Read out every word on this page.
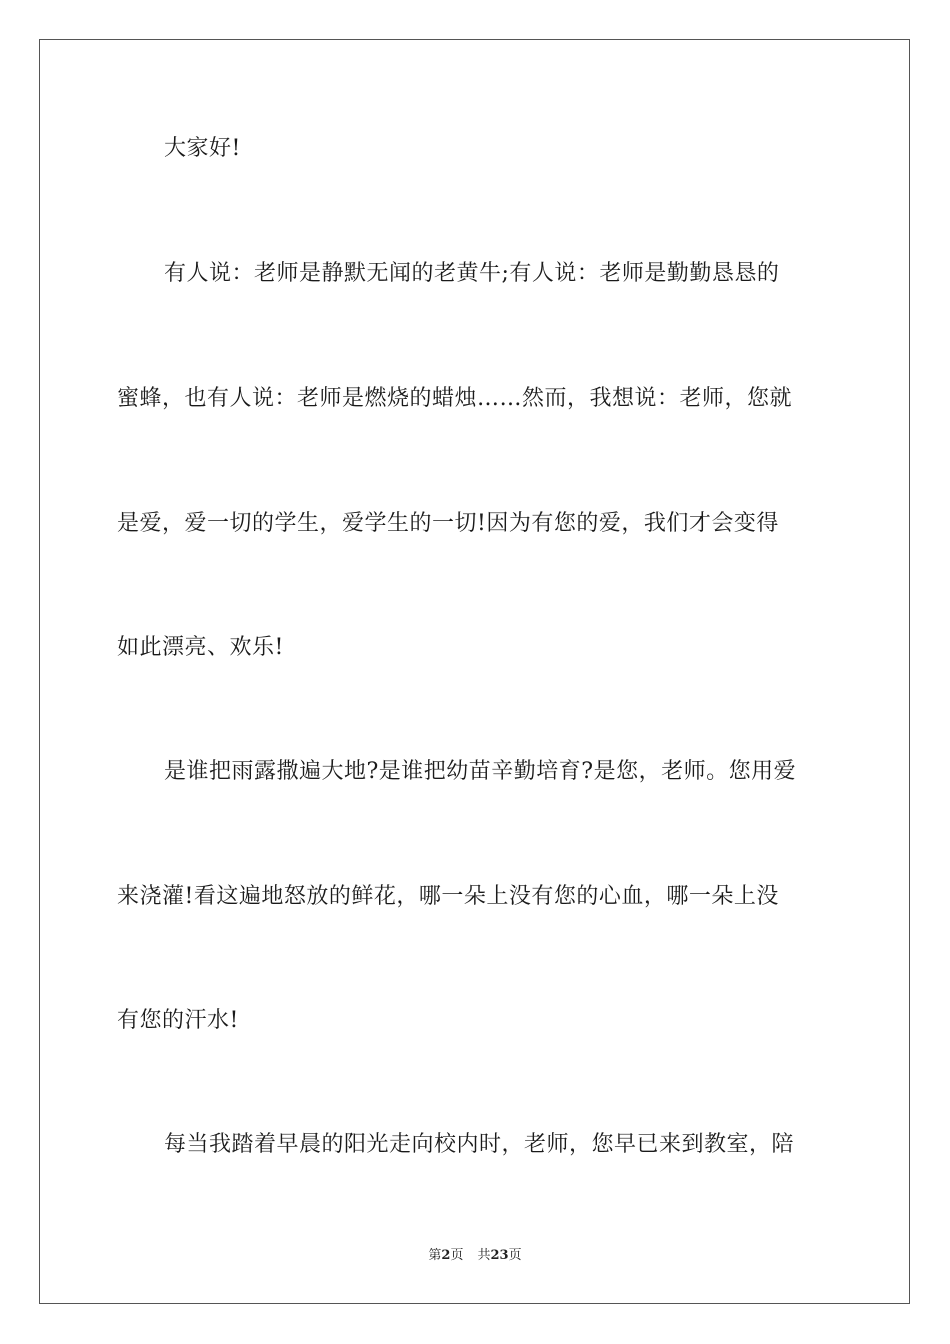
大家好!
有人说：老师是静默无闻的老黄牛;有人说：老师是勤勤恳恳的
蜜蜂，也有人说：老师是燃烧的蜡烛……然而，我想说：老师，您就
是爱，爱一切的学生，爱学生的一切!因为有您的爱，我们才会变得
如此漂亮、欢乐!
是谁把雨露撒遍大地?是谁把幼苗辛勤培育?是您，老师。您用爱
来浇灌!看这遍地怒放的鲜花，哪一朵上没有您的心血，哪一朵上没
有您的汗水!
每当我踏着早晨的阳光走向校内时，老师，您早已来到教室，陪
第2页 共23页
